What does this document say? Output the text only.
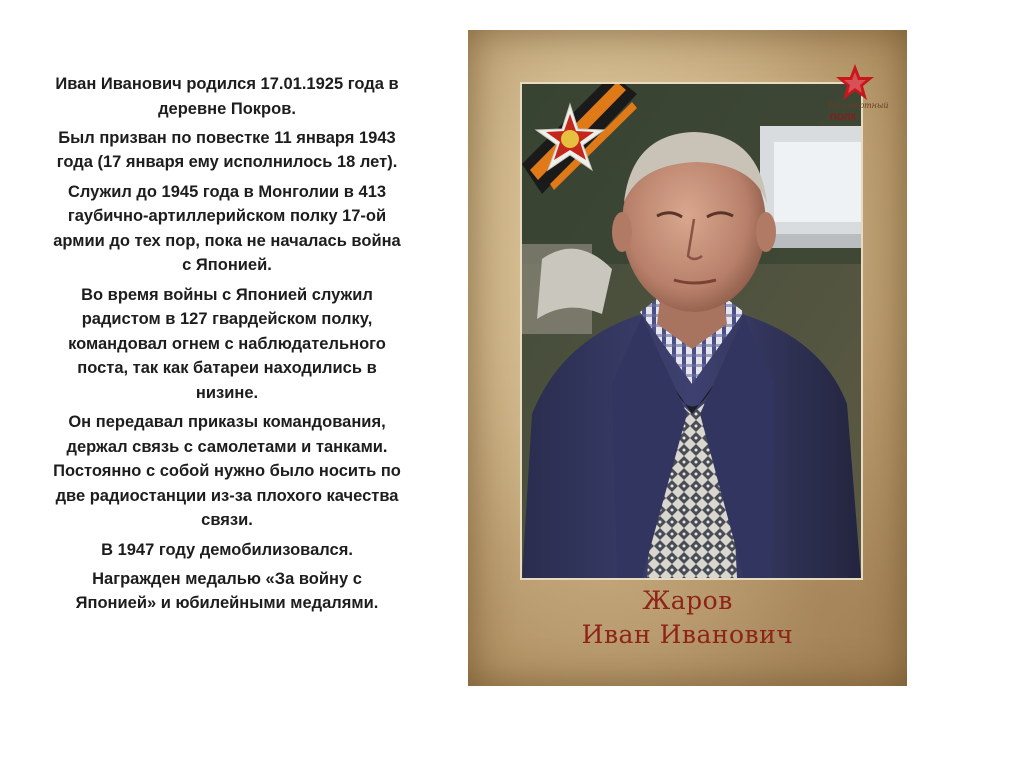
Иван Иванович родился 17.01.1925 года в деревне Покров.

Был призван по повестке 11 января 1943 года (17 января ему исполнилось 18 лет).

Служил до 1945 года в Монголии в 413 гаубично-артиллерийском полку 17-ой армии до тех пор, пока не началась война с Японией.

Во время войны с Японией служил радистом в 127 гвардейском полку, командовал огнем с наблюдательного поста, так как батареи находились в низине.

Он передавал приказы командования, держал связь с самолетами и танками. Постоянно с собой нужно было носить по две радиостанции из-за плохого качества связи.

В 1947 году демобилизовался.

Награжден медалью «За войну с Японией» и юбилейными медалями.

Бессмертный
ПОЛК
Жаров
Иван Иванович
